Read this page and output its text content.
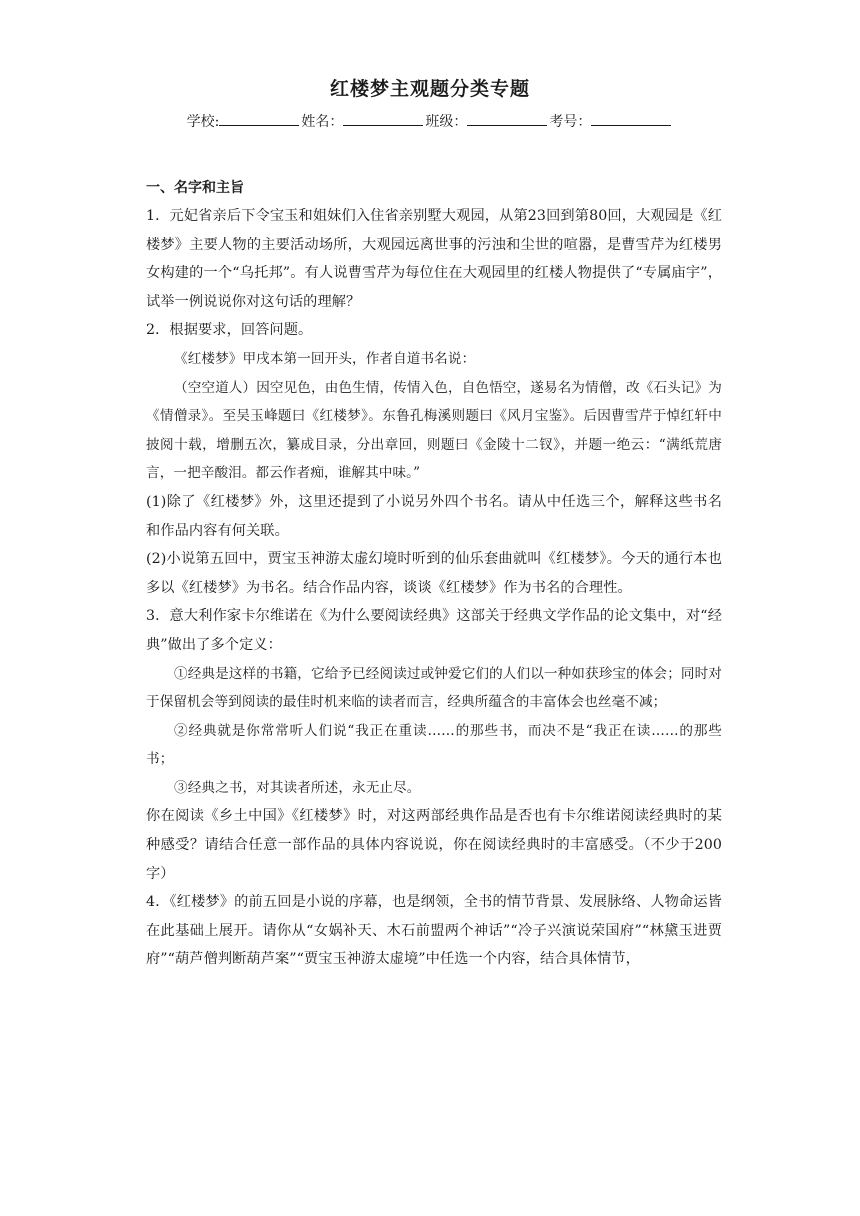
红楼梦主观题分类专题
学校:	姓名：	班级：	考号：
一、名字和主旨

1．元妃省亲后下令宝玉和姐妹们入住省亲别墅大观园，从第23回到第80回，大观园是《红楼梦》主要人物的主要活动场所，大观园远离世事的污浊和尘世的喧嚣，是曹雪芹为红楼男女构建的一个“乌托邦”。有人说曹雪芹为每位住在大观园里的红楼人物提供了“专属庙宇”，试举一例说说你对这句话的理解？

2．根据要求，回答问题。

《红楼梦》甲戌本第一回开头，作者自道书名说：

（空空道人）因空见色，由色生情，传情入色，自色悟空，遂易名为情僧，改《石头记》为《情僧录》。至吴玉峰题曰《红楼梦》。东鲁孔梅溪则题曰《风月宝鉴》。后因曹雪芹于悼红轩中披阅十载，增删五次，纂成目录，分出章回，则题曰《金陵十二钗》，并题一绝云：“满纸荒唐言，一把辛酸泪。都云作者痴，谁解其中味。”

(1)除了《红楼梦》外，这里还提到了小说另外四个书名。请从中任选三个，解释这些书名和作品内容有何关联。

(2)小说第五回中，贾宝玉神游太虚幻境时听到的仙乐套曲就叫《红楼梦》。今天的通行本也多以《红楼梦》为书名。结合作品内容，谈谈《红楼梦》作为书名的合理性。

3．意大利作家卡尔维诺在《为什么要阅读经典》这部关于经典文学作品的论文集中，对“经典”做出了多个定义：

①经典是这样的书籍，它给予已经阅读过或钟爱它们的人们以一种如获珍宝的体会；同时对于保留机会等到阅读的最佳时机来临的读者而言，经典所蕴含的丰富体会也丝毫不减；

②经典就是你常常听人们说“我正在重读……的那些书，而决不是“我正在读……的那些书；

③经典之书，对其读者所述，永无止尽。

你在阅读《乡土中国》《红楼梦》时，对这两部经典作品是否也有卡尔维诺阅读经典时的某种感受？请结合任意一部作品的具体内容说说，你在阅读经典时的丰富感受。（不少于200字）

4．《红楼梦》的前五回是小说的序幕，也是纲领，全书的情节背景、发展脉络、人物命运皆在此基础上展开。请你从“女娲补天、木石前盟两个神话”“冷子兴演说荣国府”“林黛玉进贾府”“葫芦僧判断葫芦案”“贾宝玉神游太虚境”中任选一个内容，结合具体情节，
